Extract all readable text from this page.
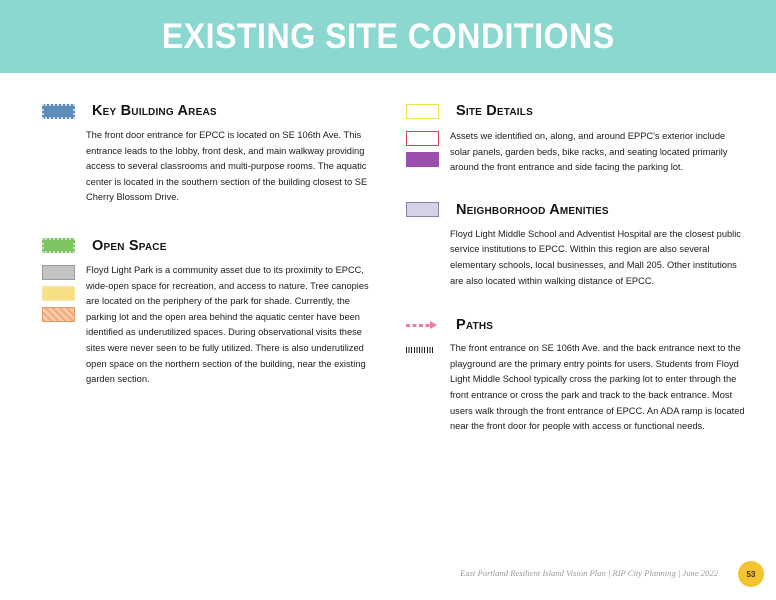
EXISTING SITE CONDITIONS
Key Building Areas
The front door entrance for EPCC is located on SE 106th Ave. This entrance leads to the lobby, front desk, and main walkway providing access to several classrooms and multi-purpose rooms. The aquatic center is located in the southern section of the building closest to SE Cherry Blossom Drive.
Open Space
Floyd Light Park is a community asset due to its proximity to EPCC, wide-open space for recreation, and access to nature. Tree canopies are located on the periphery of the park for shade. Currently, the parking lot and the open area behind the aquatic center have been identified as underutilized spaces. During observational visits these sites were never seen to be fully utilized. There is also underutilized open space on the northern section of the building, near the existing garden section.
Site Details
Assets we identified on, along, and around EPPC's exterior include solar panels, garden beds, bike racks, and seating located primarily around the front entrance and side facing the parking lot.
Neighborhood Amenities
Floyd Light Middle School and Adventist Hospital are the closest public service institutions to EPCC. Within this region are also several elementary schools, local businesses, and Mall 205. Other institutions are also located within walking distance of EPCC.
Paths
The front entrance on SE 106th Ave. and the back entrance next to the playground are the primary entry points for users. Students from Floyd Light Middle School typically cross the parking lot to enter through the front entrance or cross the park and track to the back entrance. Most users walk through the front entrance of EPCC. An ADA ramp is located near the front door for people with access or functional needs.
East Portland Resilient Island Vision Plan | RIP City Planning | June 2022	53
